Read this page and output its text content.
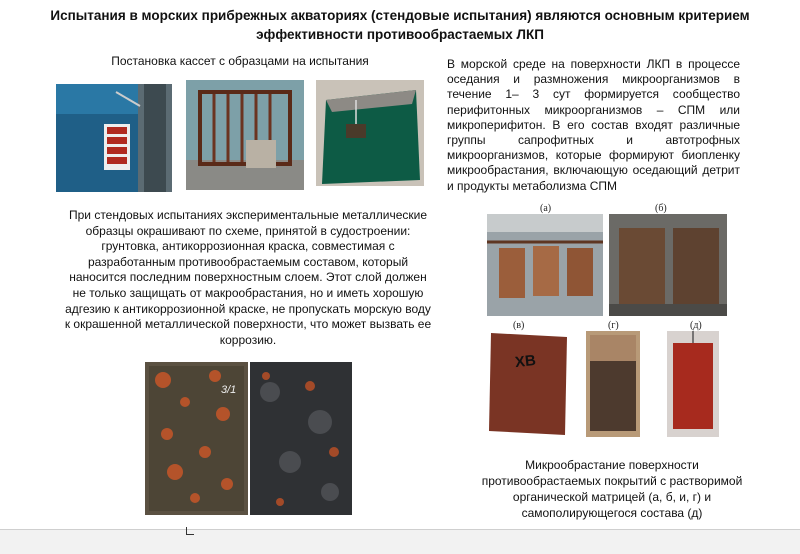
Испытания в морских прибрежных акваториях (стендовые испытания) являются основным критерием
эффективности противообрастаемых ЛКП
Постановка кассет с образцами на испытания	В морской среде на поверхности ЛКП в процессе оседания и размножения микроорганизмов в течение 1– 3 сут формируется сообщество перифитонных микроорганизмов – СПМ или микроперифитон. В его состав входят различные группы сапрофитных и автотрофных микроорганизмов, которые формируют биопленку микрообрастания, включающую оседающий детрит и продукты метаболизма СПМ
При стендовых испытаниях экспериментальные металлические образцы окрашивают по схеме, принятой в судостроении: грунтовка, антикоррозионная краска, совместимая с разработанным противообрастаемым составом, который наносится последним поверхностным слоем. Этот слой должен не только защищать от макрообрастания, но и иметь хорошую адгезию к антикоррозионной краске, не пропускать морскую воду к окрашенной металлической поверхности, что может вызвать ее коррозию.
3/1
(а)	(б)
(в)	(г)	(д)
ХВ
Микрообрастание поверхности
противообрастаемых покрытий с растворимой
органической матрицей (а, б, и, г) и
самополирующегося состава (д)
